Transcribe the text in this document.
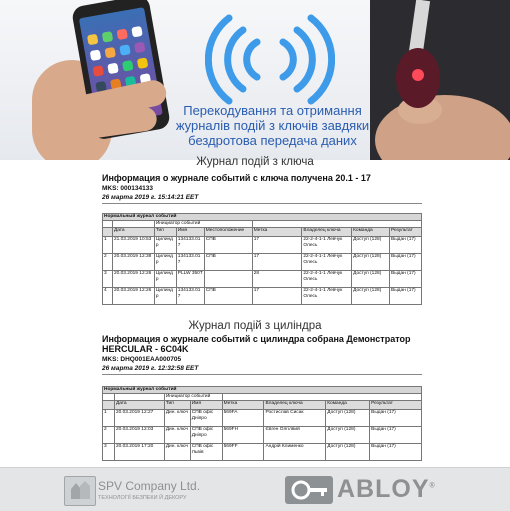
Перекодування та отримання
журналів подій з ключів завдяки
бездротова передача даних
Журнал подій з ключа
Информация о журнале событий с ключа получена 20.1 - 17
MKS: 000134133
26 марта 2019 г. 15:14:21 EET
Нормальный журнал событий								
		Инициатор событий						
	Дата	Тип	Имя	Местоположение	Метка	Владелец ключа	Команда	Результат
1	21.03.2019 10:53	Цилинд р	134133.01 7	СПВ	17	22-2-4-1-1 Левчук Олесь	Доступ (128)	Выдан (17)
2	20.03.2019 12:38	Цилинд р	134133.01 7	СПВ	17	22-2-4-1-1 Левчук Олесь	Доступ (128)	Выдан (17)
3	20.03.2019 12:26	Цилинд р	PLLW 350T		28	22-2-4-1-1 Левчук Олесь	Доступ (128)	Выдан (17)
4	20.03.2019 12:26	Цилинд р	134133.01 7	СПВ	17	22-2-4-1-1 Левчук Олесь	Доступ (128)	Выдан (17)
Журнал подій з циліндра
Информация о журнале событий с цилиндра собрана Демонстратор
HERCULAR - 6C04K
MKS: DHQ001EAA000705
26 марта 2019 г. 12:32:58 EET
Нормальный журнал событий							
		Инициатор событий					
	Дата	Тип	Имя	Метка	Владелец ключа	Команда	Результат
1	20.03.2019 12:27	Дин. ключ	СПВ офіс Дніпро	569FA	Ростислав Сисак	Доступ (128)	Выдан (17)
2	20.03.2019 12:03	Дин. ключ	СПВ офіс Дніпро	569FH	Євген Олгілвий	Доступ (128)	Выдан (17)
3	20.03.2019 17:20	Дин. ключ	СПВ офіс Львів	569FF	Андрій Клименко	Доступ (128)	Выдан (17)
SPV Company Ltd.
ТЕХНОЛОГІЇ БЕЗПЕКИ Й ДЕКОРУ	ABLOY®
